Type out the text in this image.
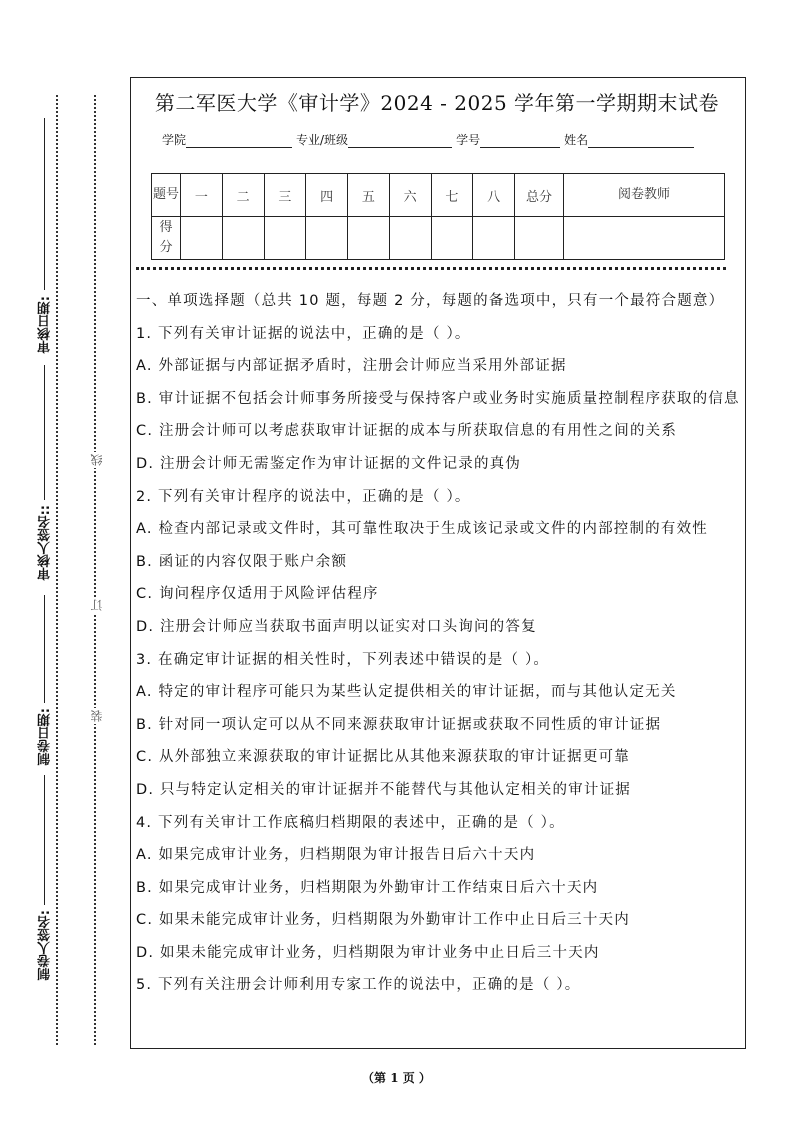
审核日期:
审核人签名::
制卷日期:
制卷人签名:
线
订
装
第二军医大学《审计学》2024 - 2025 学年第一学期期末试卷
学院	专业/班级	学号	姓名
题号	一	二	三	四	五	六	七	八	总分	阅卷教师
得分										
一、单项选择题（总共 10 题，每题 2 分，每题的备选项中，只有一个最符合题意）
1. 下列有关审计证据的说法中，正确的是（ ）。
A. 外部证据与内部证据矛盾时，注册会计师应当采用外部证据
B. 审计证据不包括会计师事务所接受与保持客户或业务时实施质量控制程序获取的信息
C. 注册会计师可以考虑获取审计证据的成本与所获取信息的有用性之间的关系
D. 注册会计师无需鉴定作为审计证据的文件记录的真伪
2. 下列有关审计程序的说法中，正确的是（ ）。
A. 检查内部记录或文件时，其可靠性取决于生成该记录或文件的内部控制的有效性
B. 函证的内容仅限于账户余额
C. 询问程序仅适用于风险评估程序
D. 注册会计师应当获取书面声明以证实对口头询问的答复
3. 在确定审计证据的相关性时，下列表述中错误的是（ ）。
A. 特定的审计程序可能只为某些认定提供相关的审计证据，而与其他认定无关
B. 针对同一项认定可以从不同来源获取审计证据或获取不同性质的审计证据
C. 从外部独立来源获取的审计证据比从其他来源获取的审计证据更可靠
D. 只与特定认定相关的审计证据并不能替代与其他认定相关的审计证据
4. 下列有关审计工作底稿归档期限的表述中，正确的是（ ）。
A. 如果完成审计业务，归档期限为审计报告日后六十天内
B. 如果完成审计业务，归档期限为外勤审计工作结束日后六十天内
C. 如果未能完成审计业务，归档期限为外勤审计工作中止日后三十天内
D. 如果未能完成审计业务，归档期限为审计业务中止日后三十天内
5. 下列有关注册会计师利用专家工作的说法中，正确的是（ ）。
（第 1 页 ）
